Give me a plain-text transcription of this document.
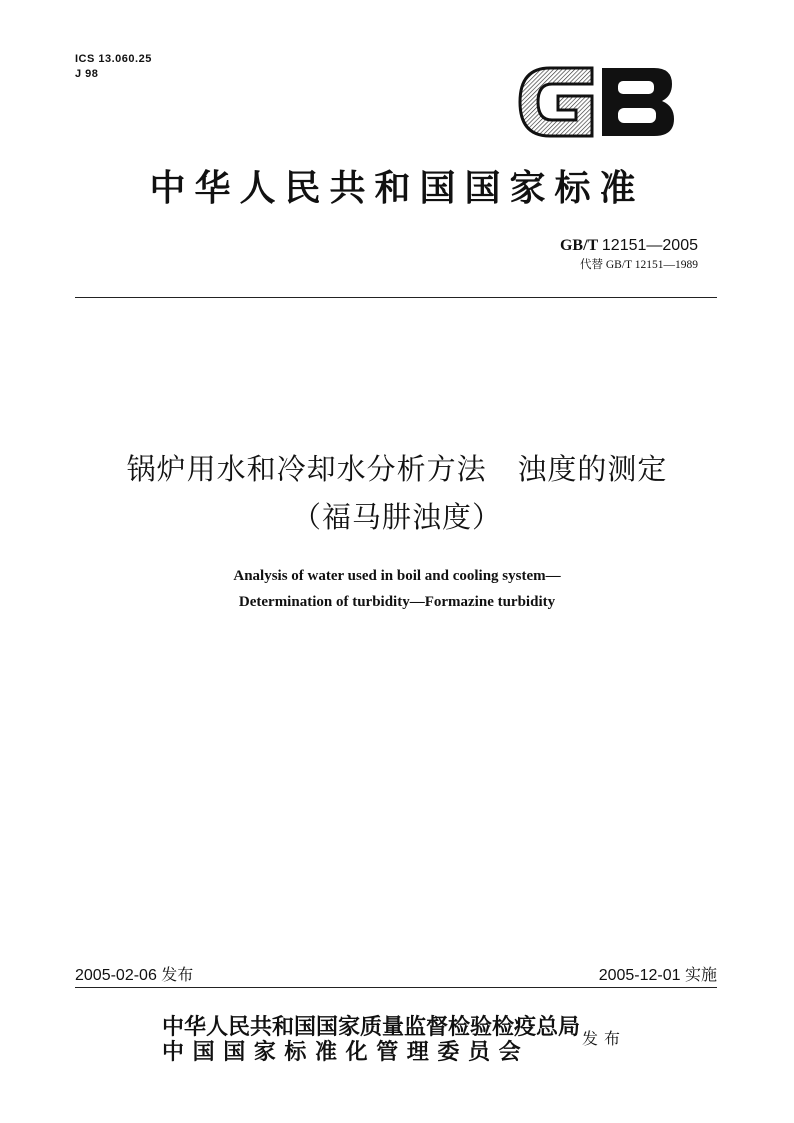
ICS 13.060.25
J 98
中华人民共和国国家标准
GB/T 12151—2005
代替 GB/T 12151—1989
锅炉用水和冷却水分析方法   浊度的测定
（福马肼浊度）
Analysis of water used in boil and cooling system—
Determination of turbidity—Formazine turbidity
2005-02-06 发布	2005-12-01 实施
中华人民共和国国家质量监督检验检疫总局
中国国家标准化管理委员会
发布
